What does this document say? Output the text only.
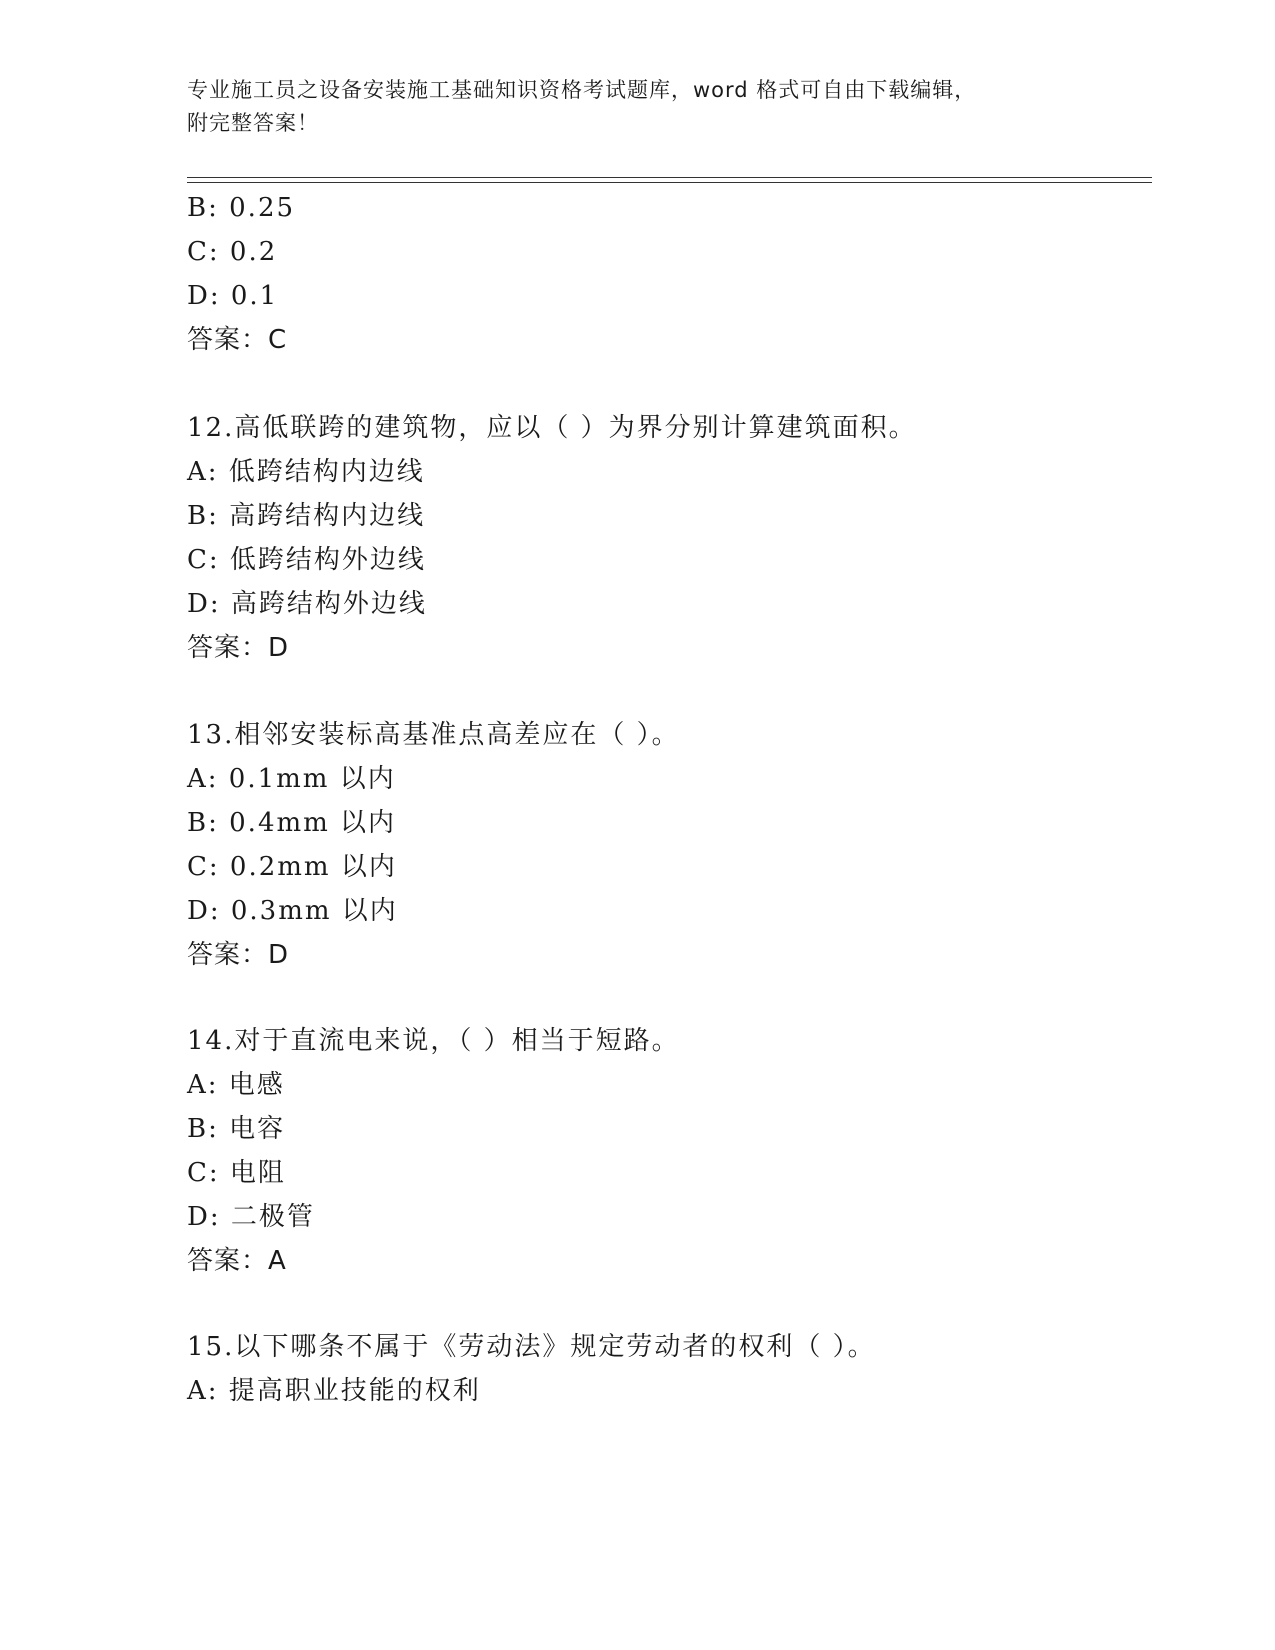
专业施工员之设备安装施工基础知识资格考试题库，word 格式可自由下载编辑，
附完整答案！
B: 0.25
C: 0.2
D: 0.1
答案：C
12.高低联跨的建筑物，应以（ ）为界分别计算建筑面积。
A: 低跨结构内边线
B: 高跨结构内边线
C: 低跨结构外边线
D: 高跨结构外边线
答案：D
13.相邻安装标高基准点高差应在（ ）。
A: 0.1mm 以内
B: 0.4mm 以内
C: 0.2mm 以内
D: 0.3mm 以内
答案：D
14.对于直流电来说，（ ）相当于短路。
A: 电感
B: 电容
C: 电阻
D: 二极管
答案：A
15.以下哪条不属于《劳动法》规定劳动者的权利（ ）。
A: 提高职业技能的权利
